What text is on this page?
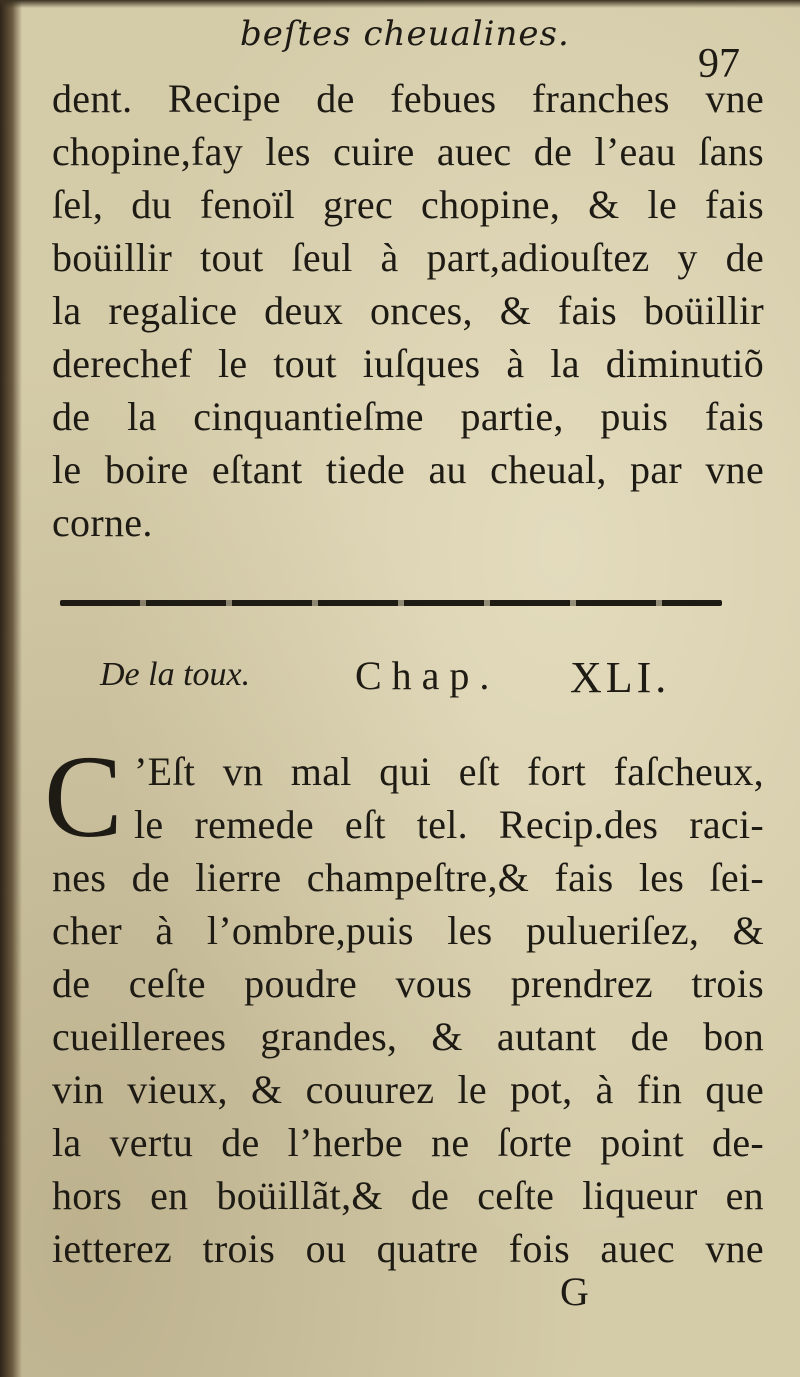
beſtes cheualines.
97
dent. Recipe de febues franches vne
chopine,fay les cuire auec de l’eau ſans
ſel, du fenoïl grec chopine, & le fais
boüillir tout ſeul à part,adiouſtez y de
la regalice deux onces, & fais boüillir
derechef le tout iuſques à la diminutiõ
de la cinquantieſme partie, puis fais
le boire eſtant tiede au cheual, par vne
corne.
De la toux.	Chap. XLI.
C ’Eſt vn mal qui eſt fort faſcheux,
le remede eſt tel. Recip.des raci-
nes de lierre champeſtre,& fais les ſei-
cher à l’ombre,puis les pulueriſez, &
de ceſte poudre vous prendrez trois
cueillerees grandes, & autant de bon
vin vieux, & couurez le pot, à fin que
la vertu de l’herbe ne ſorte point de-
hors en boüillãt,& de ceſte liqueur en
ietterez trois ou quatre fois auec vne
G
